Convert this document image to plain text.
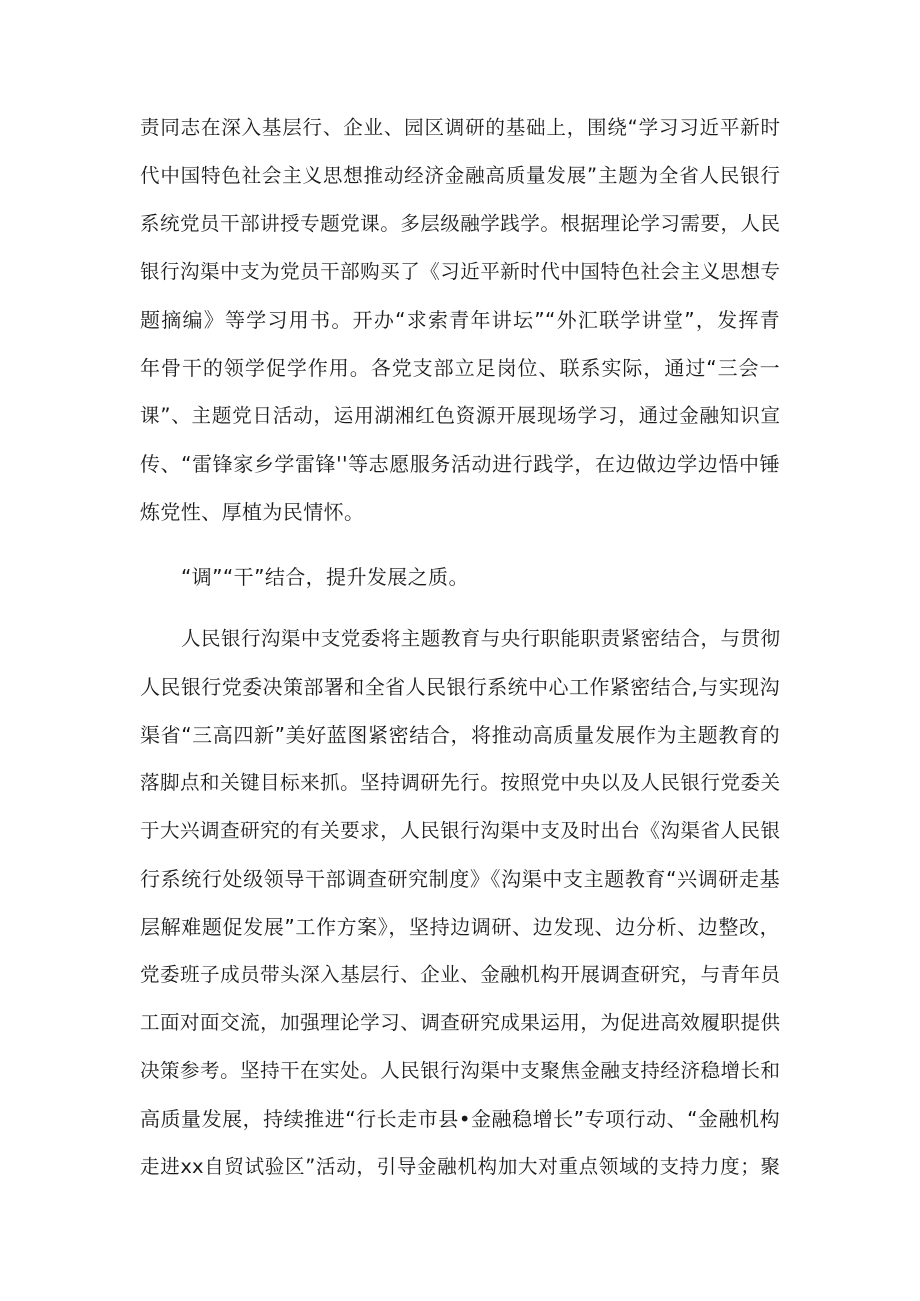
责同志在深入基层行、企业、园区调研的基础上，围绕“学习习近平新时
代中国特色社会主义思想推动经济金融高质量发展”主题为全省人民银行
系统党员干部讲授专题党课。多层级融学践学。根据理论学习需要，人民
银行沟渠中支为党员干部购买了《习近平新时代中国特色社会主义思想专
题摘编》等学习用书。开办“求索青年讲坛”“外汇联学讲堂”，发挥青
年骨干的领学促学作用。各党支部立足岗位、联系实际，通过“三会一
课”、主题党日活动，运用湖湘红色资源开展现场学习，通过金融知识宣
传、“雷锋家乡学雷锋''等志愿服务活动进行践学，在边做边学边悟中锤
炼党性、厚植为民情怀。
“调”“干”结合，提升发展之质。
人民银行沟渠中支党委将主题教育与央行职能职责紧密结合，与贯彻
人民银行党委决策部署和全省人民银行系统中心工作紧密结合,与实现沟
渠省“三高四新”美好蓝图紧密结合，将推动高质量发展作为主题教育的
落脚点和关键目标来抓。坚持调研先行。按照党中央以及人民银行党委关
于大兴调查研究的有关要求，人民银行沟渠中支及时出台《沟渠省人民银
行系统行处级领导干部调查研究制度》《沟渠中支主题教育“兴调研走基
层解难题促发展”工作方案》，坚持边调研、边发现、边分析、边整改，
党委班子成员带头深入基层行、企业、金融机构开展调查研究，与青年员
工面对面交流，加强理论学习、调查研究成果运用，为促进高效履职提供
决策参考。坚持干在实处。人民银行沟渠中支聚焦金融支持经济稳增长和
高质量发展，持续推进“行长走市县•金融稳增长”专项行动、“金融机构
走进xx自贸试验区”活动，引导金融机构加大对重点领域的支持力度；聚
